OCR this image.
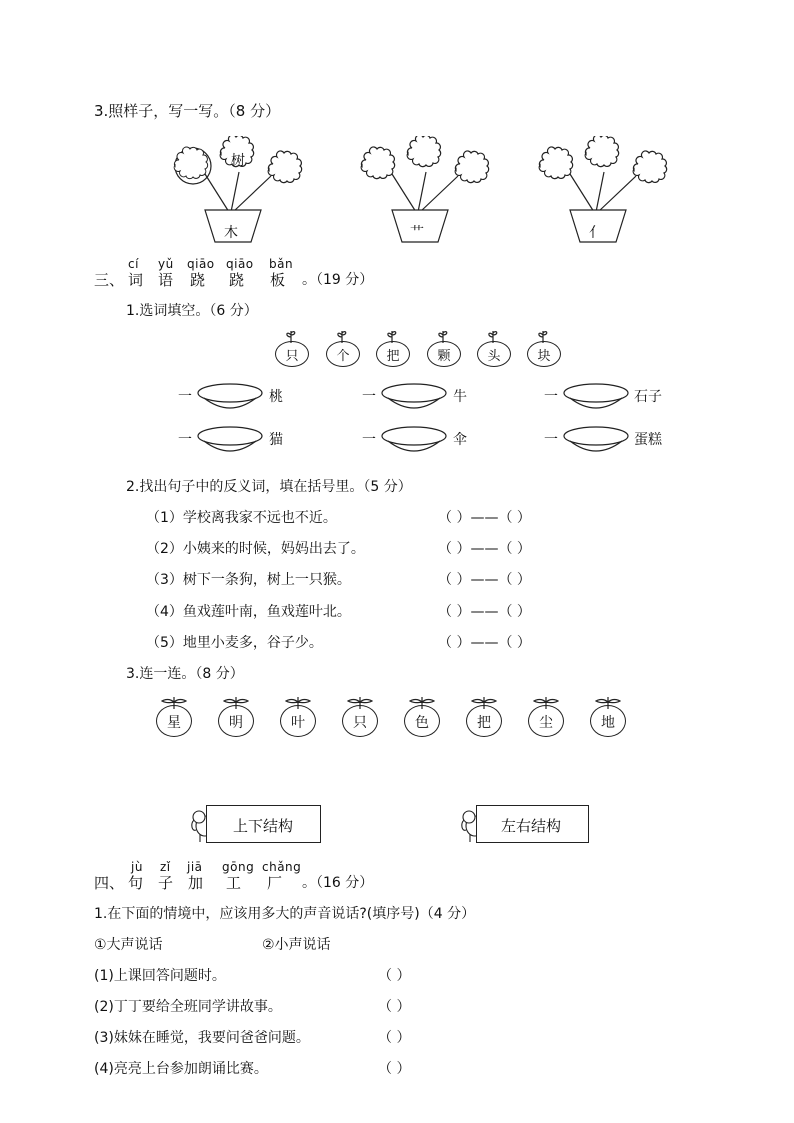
3.照样子，写一写。（8 分）
木
树
艹	亻
三、
cí yǔ qiāo qiāo bǎn
词 语 跷 跷 板 。（19 分）
1.选词填空。（6 分）
只	个	把	颗	头	块
一	桃	一	牛	一	石子
一	猫	一	伞	一	蛋糕
2.找出句子中的反义词，填在括号里。（5 分）
（1）学校离我家不远也不近。	（ ）——（ ）
（2）小姨来的时候，妈妈出去了。	（ ）——（ ）
（3）树下一条狗，树上一只猴。	（ ）——（ ）
（4）鱼戏莲叶南，鱼戏莲叶北。	（ ）——（ ）
（5）地里小麦多，谷子少。	（ ）——（ ）
3.连一连。（8 分）
星	明	叶	只	色	把	尘	地
上下结构	左右结构
四、
jù zǐ jiā gōng chǎng
句 子 加 工 厂 。（16 分）
1.在下面的情境中，应该用多大的声音说话?(填序号)（4 分）
①大声说话	②小声说话
(1)上课回答问题时。	（ ）
(2)丁丁要给全班同学讲故事。	（ ）
(3)妹妹在睡觉，我要问爸爸问题。	（ ）
(4)亮亮上台参加朗诵比赛。	（ ）
